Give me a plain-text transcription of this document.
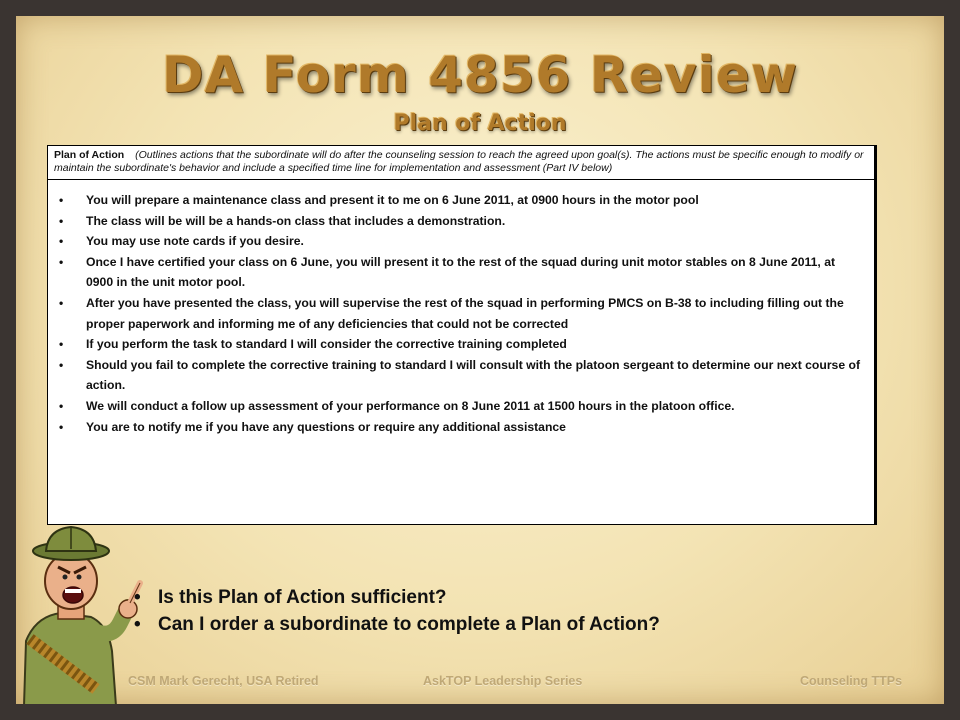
DA Form 4856 Review
Plan of Action
Plan of Action (Outlines actions that the subordinate will do after the counseling session to reach the agreed upon goal(s). The actions must be specific enough to modify or maintain the subordinate's behavior and include a specified time line for implementation and assessment (Part IV below)
• You will prepare a maintenance class and present it to me on 6 June 2011, at 0900 hours in the motor pool
• The class will be will be a hands-on class that includes a demonstration.
• You may use note cards if you desire.
• Once I have certified your class on 6 June, you will present it to the rest of the squad during unit motor stables on 8 June 2011, at 0900 in the unit motor pool.
• After you have presented the class, you will supervise the rest of the squad in performing PMCS on B-38 to including filling out the proper paperwork and informing me of any deficiencies that could not be corrected
• If you perform the task to standard I will consider the corrective training completed
• Should you fail to complete the corrective training to standard I will consult with the platoon sergeant to determine our next course of action.
• We will conduct a follow up assessment of your performance on 8 June 2011 at 1500 hours in the platoon office.
• You are to notify me if you have any questions or require any additional assistance
• Is this Plan of Action sufficient?
• Can I order a subordinate to complete a Plan of Action?
CSM Mark Gerecht, USA Retired	AskTOP Leadership Series	Counseling TTPs
